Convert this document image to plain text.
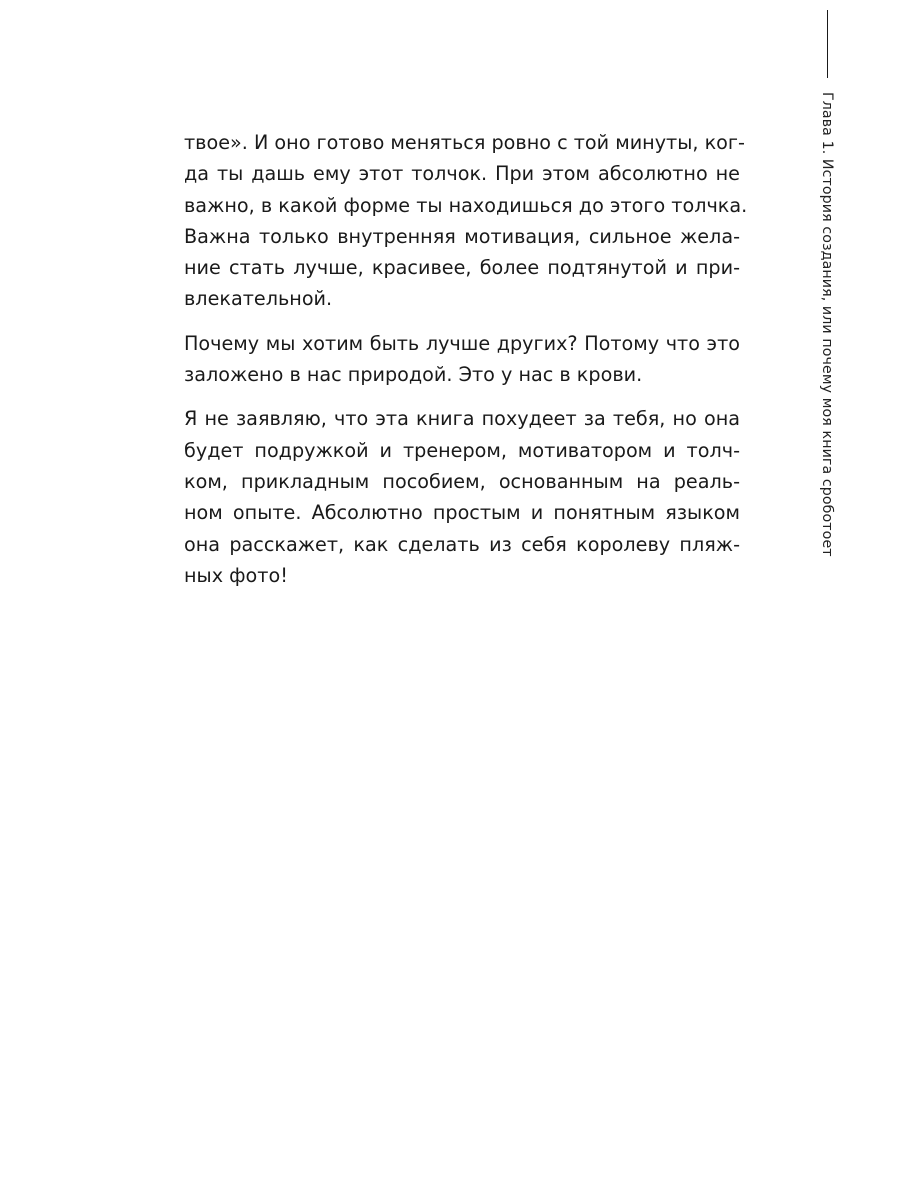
Глава 1. История создания, или почему моя книга сроботоет

твое». И оно готово меняться ровно с той минуты, ког-
да ты дашь ему этот толчок. При этом абсолютно не
важно, в какой форме ты находишься до этого толчка.
Важна только внутренняя мотивация, сильное жела-
ние стать лучше, красивее, более подтянутой и при-
влекательной.

Почему мы хотим быть лучше других? Потому что это
заложено в нас природой. Это у нас в крови.

Я не заявляю, что эта книга похудеет за тебя, но она
будет подружкой и тренером, мотиватором и толч-
ком, прикладным пособием, основанным на реаль-
ном опыте. Абсолютно простым и понятным языком
она расскажет, как сделать из себя королеву пляж-
ных фото!
